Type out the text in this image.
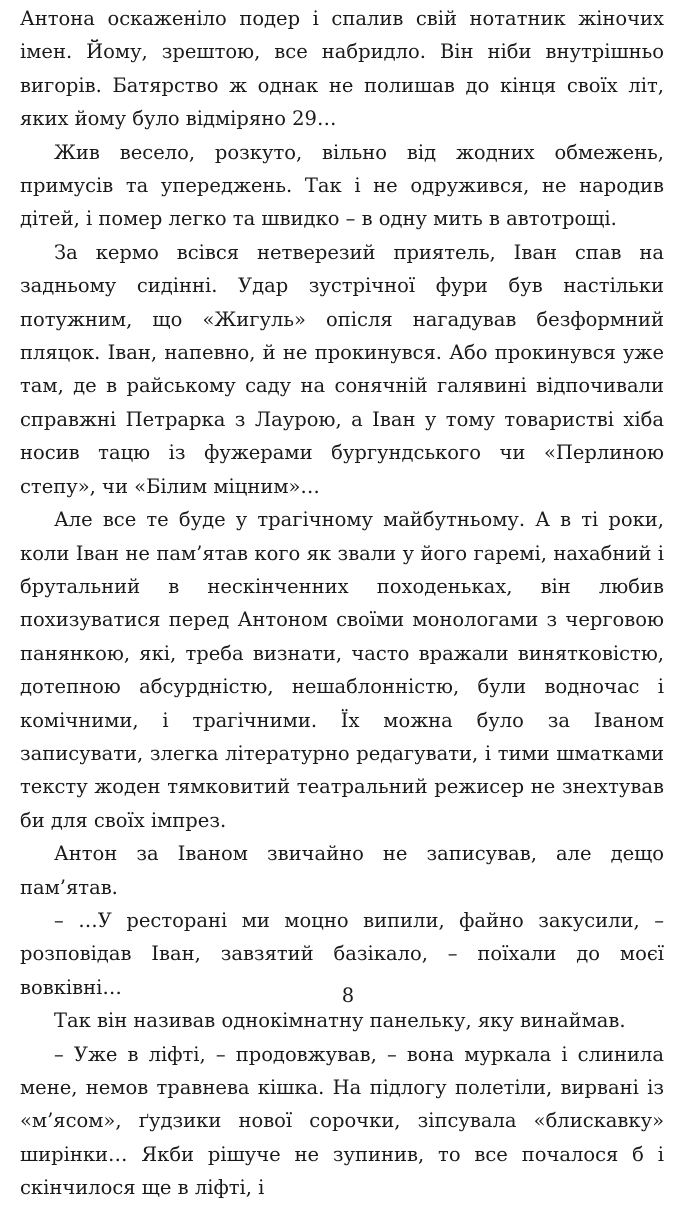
Антона оскаженіло подер і спалив свій нотатник жіночих імен. Йому, зрештою, все набридло. Він ніби внутрішньо вигорів. Батярство ж однак не полишав до кінця своїх літ, яких йому було відміряно 29…

Жив весело, розкуто, вільно від жодних обмежень, примусів та упереджень. Так і не одружився, не народив дітей, і помер легко та швидко – в одну мить в автотрощі.

За кермо всівся нетверезий приятель, Іван спав на задньому сидінні. Удар зустрічної фури був настільки потужним, що «Жигуль» опісля нагадував безформний пляцок. Іван, напевно, й не прокинувся. Або прокинувся уже там, де в райському саду на сонячній галявині відпочивали справжні Петрарка з Лаурою, а Іван у тому товаристві хіба носив тацю із фужерами бургундського чи «Перлиною степу», чи «Білим міцним»…

Але все те буде у трагічному майбутньому. А в ті роки, коли Іван не пам’ятав кого як звали у його гаремі, нахабний і брутальний в нескінченних походеньках, він любив похизуватися перед Антоном своїми монологами з черговою панянкою, які, треба визнати, часто вражали винятковістю, дотепною абсурдністю, нешаблонністю, були водночас і комічними, і трагічними. Їх можна було за Іваном записувати, злегка літературно редагувати, і тими шматками тексту жоден тямковитий театральний режисер не знехтував би для своїх імпрез.

Антон за Іваном звичайно не записував, але дещо пам’ятав.

– …У ресторані ми моцно випили, файно закусили, – розповідав Іван, завзятий базікало, – поїхали до моєї вовківні…

Так він називав однокімнатну панельку, яку винаймав.

– Уже в ліфті, – продовжував, – вона муркала і слинила мене, немов травнева кішка. На підлогу полетіли, вирвані із «м’ясом», ґудзики нової сорочки, зіпсувала «блискавку» ширінки… Якби рішуче не зупинив, то все почалося б і скінчилося ще в ліфті, і

8
